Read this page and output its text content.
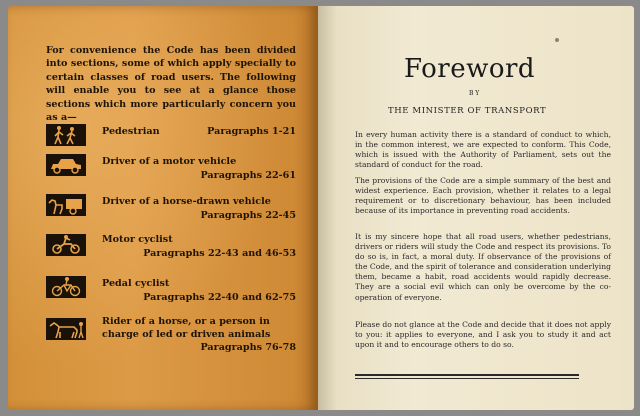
For convenience the Code has been divided into sections, some of which apply specially to certain classes of road users. The following will enable you to see at a glance those sections which more particularly concern you as a—
Pedestrian	Paragraphs 1-21
Driver of a motor vehicle
Paragraphs 22-61
Driver of a horse-drawn vehicle
Paragraphs 22-45
Motor cyclist
Paragraphs 22-43 and 46-53
Pedal cyclist
Paragraphs 22-40 and 62-75
Rider of a horse, or a person in charge of led or driven animals
Paragraphs 76-78
Foreword
BY
THE MINISTER OF TRANSPORT
In every human activity there is a standard of conduct to which, in the common interest, we are expected to conform. This Code, which is issued with the Authority of Parliament, sets out the standard of conduct for the road.
The provisions of the Code are a simple summary of the best and widest experience. Each provision, whether it relates to a legal requirement or to discretionary behaviour, has been included because of its importance in preventing road accidents.
It is my sincere hope that all road users, whether pedestrians, drivers or riders will study the Code and respect its provisions. To do so is, in fact, a moral duty. If observance of the provisions of the Code, and the spirit of tolerance and consideration underlying them, became a habit, road accidents would rapidly decrease. They are a social evil which can only be overcome by the co-operation of everyone.
Please do not glance at the Code and decide that it does not apply to you: it applies to everyone, and I ask you to study it and act upon it and to encourage others to do so.
